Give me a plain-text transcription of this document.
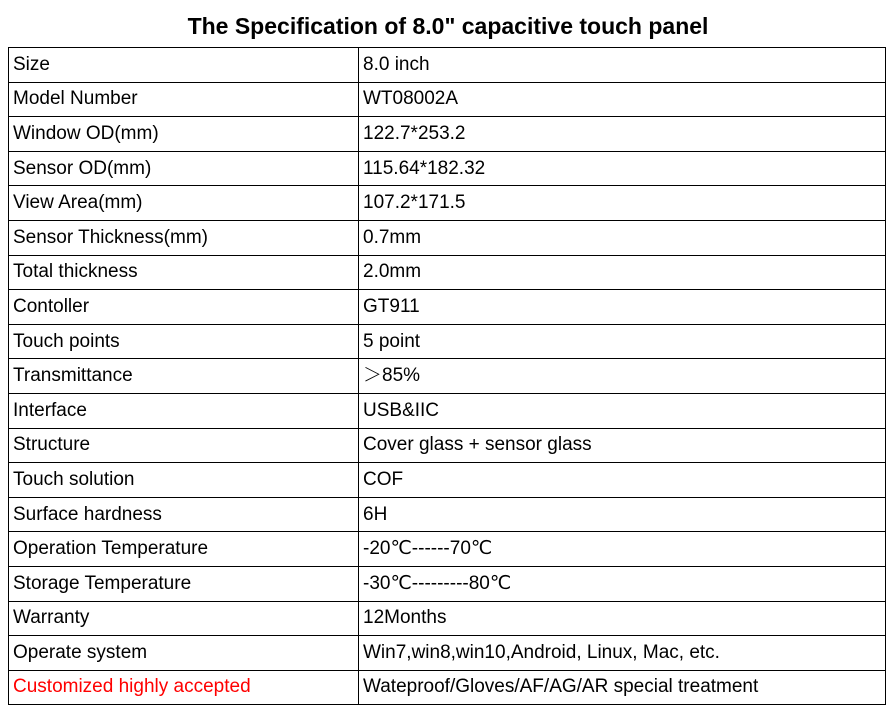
The Specification of 8.0" capacitive touch panel
Size	8.0 inch
Model Number	WT08002A
Window OD(mm)	122.7*253.2
Sensor OD(mm)	115.64*182.32
View Area(mm)	107.2*171.5
Sensor Thickness(mm)	0.7mm
Total thickness	2.0mm
Contoller	GT911
Touch points	5 point
Transmittance	＞85%
Interface	USB&IIC
Structure	Cover glass + sensor glass
Touch solution	COF
Surface hardness	6H
Operation Temperature	-20℃------70℃
Storage Temperature	-30℃---------80℃
Warranty	12Months
Operate system	Win7,win8,win10,Android, Linux, Mac, etc.
Customized highly accepted	Wateproof/Gloves/AF/AG/AR special treatment
